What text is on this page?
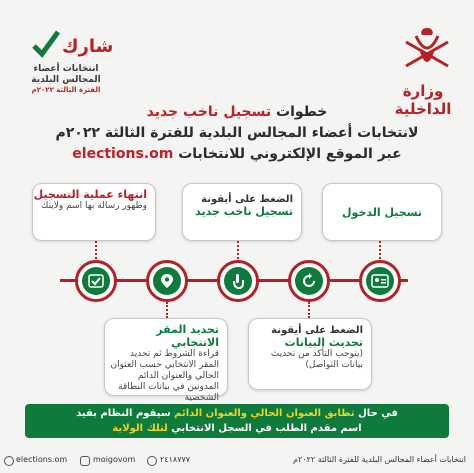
وزارة الداخلية
شارك
انتخابات أعضاء المجالس البلدية
الفترة الثالثة ٢٠٢٢م
خطوات تسجيل ناخب جديد
لانتخابات أعضاء المجالس البلدية للفترة الثالثة ٢٠٢٢م
عبر الموقع الإلكتروني للانتخابات elections.om
تسجيل الدخول
الضغط على أيقونة
تسجيل ناخب جديد
انتهاء عملية التسجيل
وظهور رسالة بها اسم ولايتك
الضغط على أيقونة
تحديث البيانات
(يتوجب التأكد من تحديث بيانات التواصل)
تحديد المقر الانتخابي
قراءة الشروط ثم تحديد المقر الانتخابي حسب العنوان الحالي والعنوان الدائم المدونين في بيانات البطاقة الشخصية
في حال تطابق العنوان الحالي والعنوان الدائم سيقوم النظام بقيد
اسم مقدم الطلب في السجل الانتخابي لتلك الولاية
elections.om	moigovom	٢٤١٨٧٧٧	انتخابات أعضاء المجالس البلدية للفترة الثالثة ٢٠٢٢م
